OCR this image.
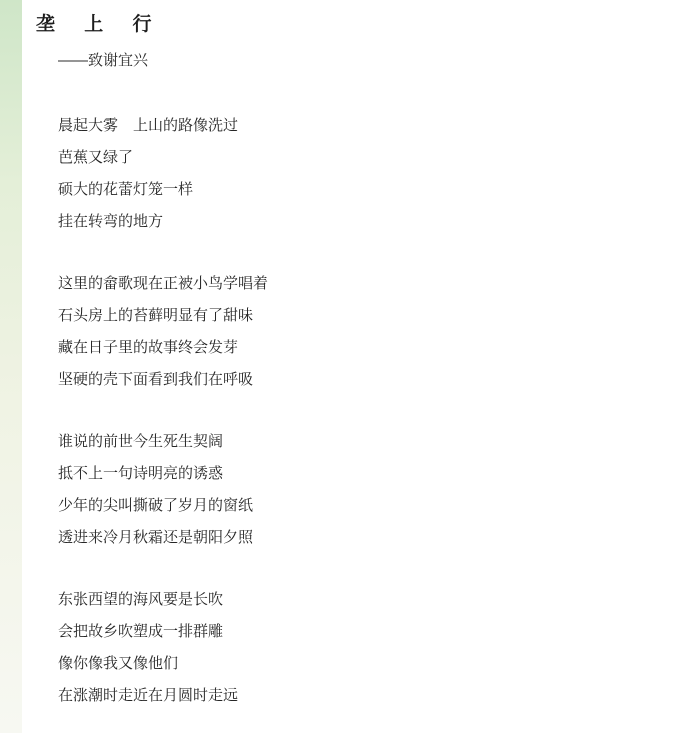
垄 上 行

——致谢宜兴

晨起大雾　上山的路像洗过
芭蕉又绿了
硕大的花蕾灯笼一样
挂在转弯的地方
这里的畲歌现在正被小鸟学唱着
石头房上的苔藓明显有了甜味
藏在日子里的故事终会发芽
坚硬的壳下面看到我们在呼吸
谁说的前世今生死生契阔
抵不上一句诗明亮的诱惑
少年的尖叫撕破了岁月的窗纸
透进来冷月秋霜还是朝阳夕照
东张西望的海风要是长吹
会把故乡吹塑成一排群雕
像你像我又像他们
在涨潮时走近在月圆时走远
